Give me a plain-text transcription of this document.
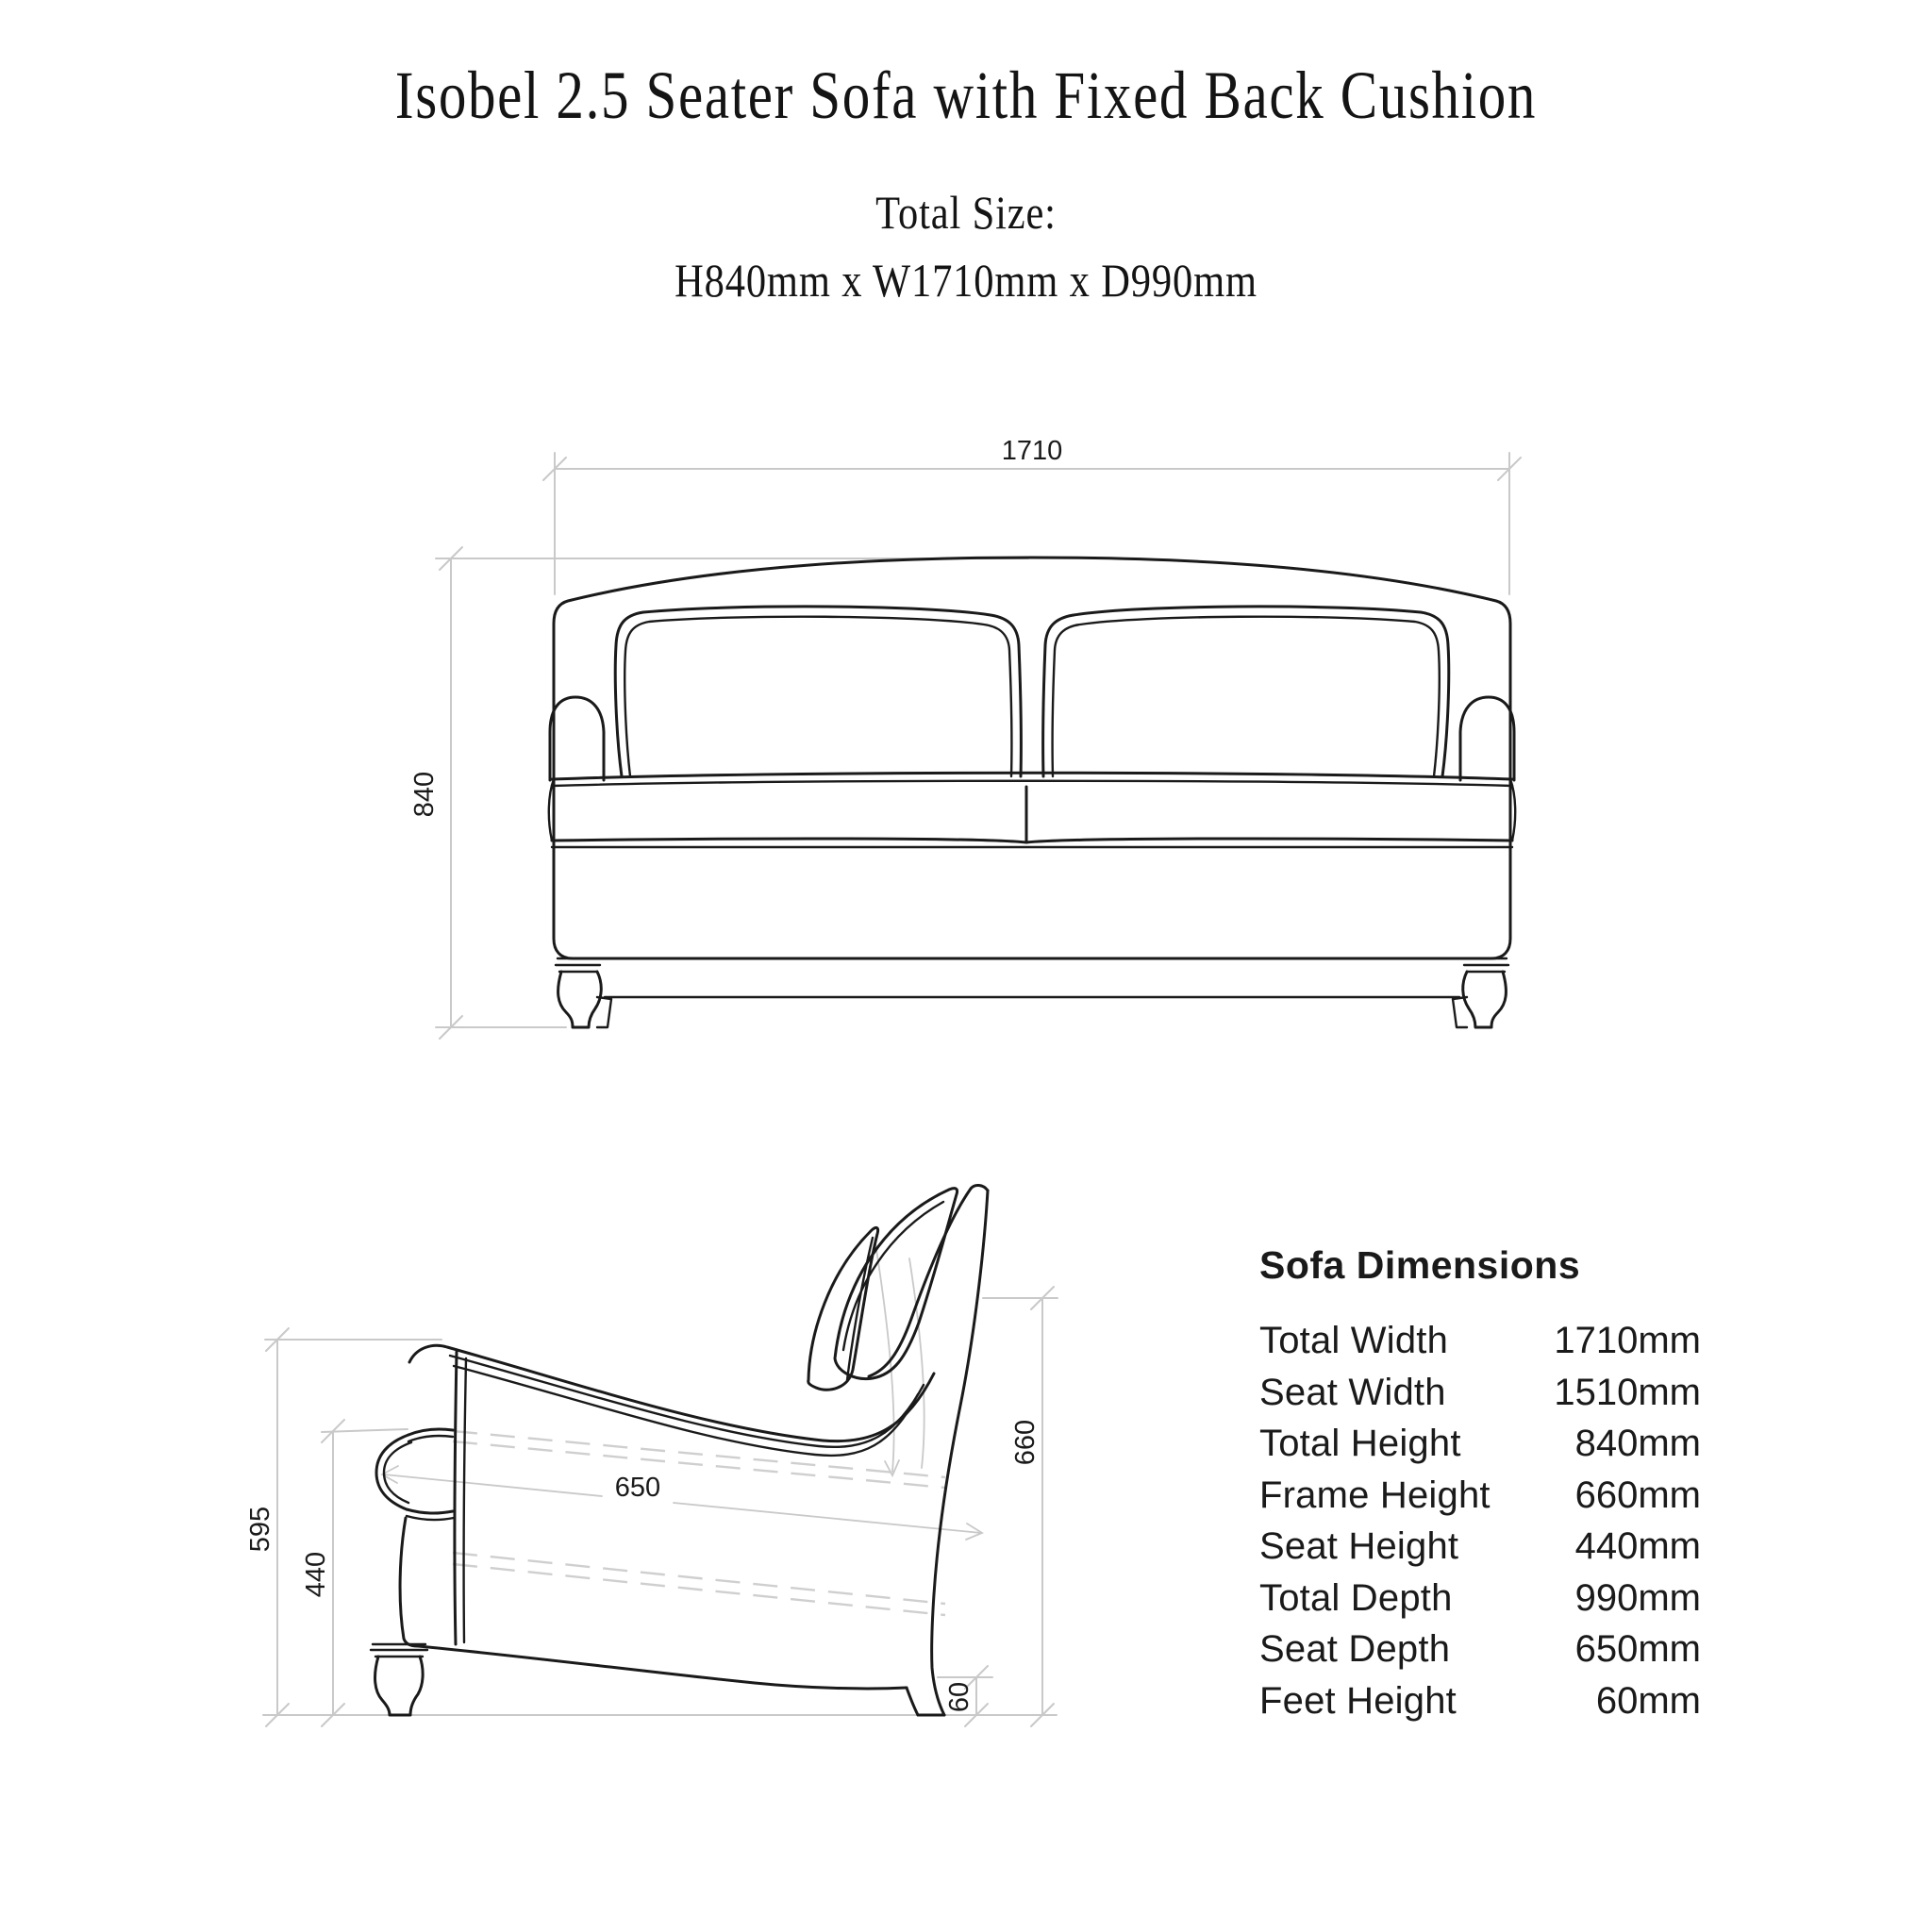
Isobel 2.5 Seater Sofa with Fixed Back Cushion
Total Size:
H840mm x W1710mm x D990mm
1710
840
595
440
660
60
650
Sofa Dimensions
Total Width	1710mm
Seat Width	1510mm
Total Height	840mm
Frame Height 660mm
Seat Height	440mm
Total Depth	990mm
Seat Depth	650mm
Feet Height	60mm
